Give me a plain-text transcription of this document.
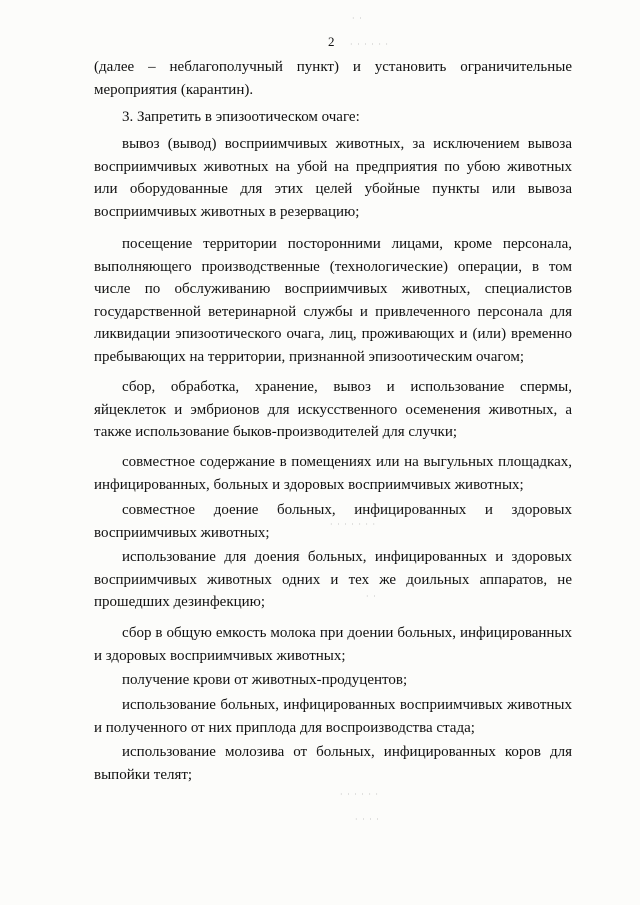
2
· ·
· · · · · ·
· · · · · · ·
· ·
· · · · · ·
· · · ·

(далее – неблагополучный пункт) и установить ограничительные мероприятия (карантин).

3. Запретить в эпизоотическом очаге:

вывоз (вывод) восприимчивых животных, за исключением вывоза восприимчивых животных на убой на предприятия по убою животных или оборудованные для этих целей убойные пункты или вывоза восприимчивых животных в резервацию;

посещение территории посторонними лицами, кроме персонала, выполняющего производственные (технологические) операции, в том числе по обслуживанию восприимчивых животных, специалистов государственной ветеринарной службы и привлеченного персонала для ликвидации эпизоотического очага, лиц, проживающих и (или) временно пребывающих на территории, признанной эпизоотическим очагом;

сбор, обработка, хранение, вывоз и использование спермы, яйцеклеток и эмбрионов для искусственного осеменения животных, а также использование быков-производителей для случки;

совместное содержание в помещениях или на выгульных площадках, инфицированных, больных и здоровых восприимчивых животных;

совместное доение больных, инфицированных и здоровых восприимчивых животных;

использование для доения больных, инфицированных и здоровых восприимчивых животных одних и тех же доильных аппаратов, не прошедших дезинфекцию;

сбор в общую емкость молока при доении больных, инфицированных и здоровых восприимчивых животных;

получение крови от животных-продуцентов;

использование больных, инфицированных восприимчивых животных и полученного от них приплода для воспроизводства стада;

использование молозива от больных, инфицированных коров для выпойки телят;
